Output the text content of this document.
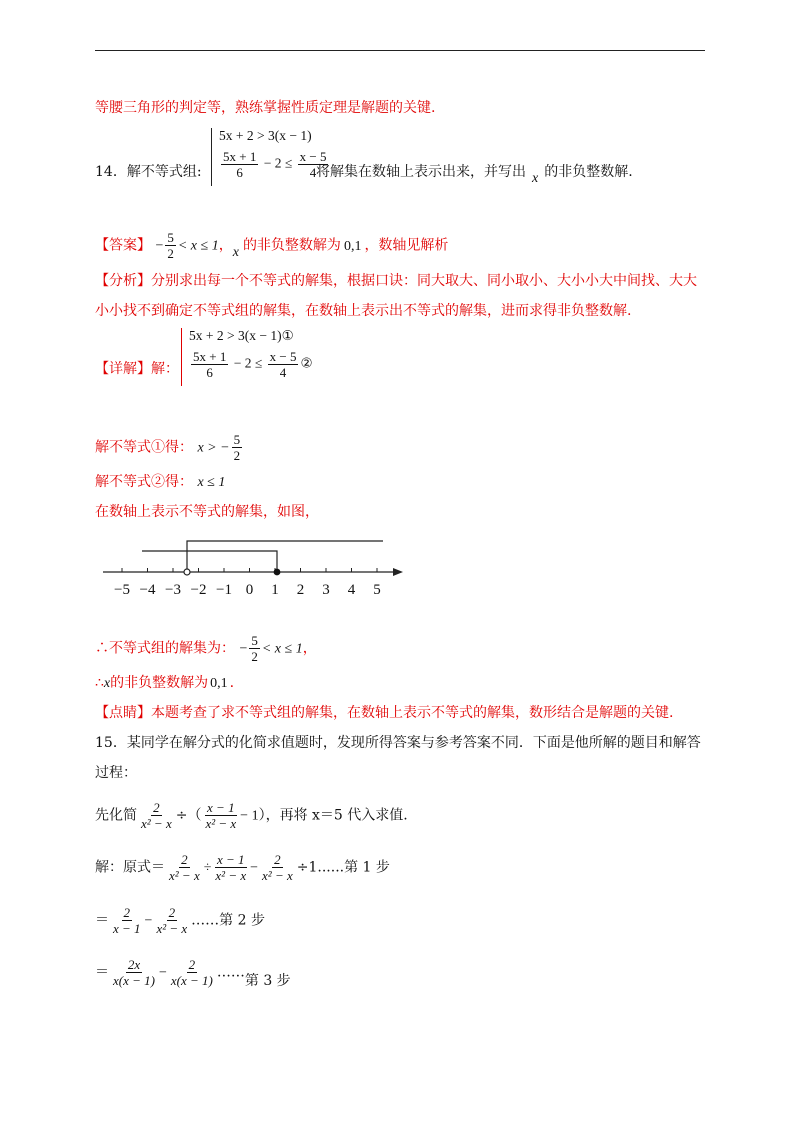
等腰三角形的判定等，熟练掌握性质定理是解题的关键.
14．解不等式组:
5x + 2 > 3(x − 1)
$\frac{5x + 1}{6} - 2 \le \frac{x - 5}{4}$
将解集在数轴上表示出来，并写出 x 的非负整数解.
【答案】 − $\frac{5}{2} < x \le 1$，x 的非负整数解为 0,1 ，数轴见解析
【分析】分别求出每一个不等式的解集，根据口诀：同大取大、同小取小、大小小大中间找、大大
小小找不到确定不等式组的解集，在数轴上表示出不等式的解集，进而求得非负整数解.
【详解】解：
5x + 2 > 3(x − 1)①
$\frac{5x + 1}{6} - 2 \le \frac{x - 5}{4}$ ②
解不等式①得： x > − $\frac{5}{2}$
解不等式②得： x ≤ 1
在数轴上表示不等式的解集，如图，
−5 −4 −3 −2 −1 0 1 2 3 4 5
∴不等式组的解集为： − $\frac{5}{2} < x \le 1$，
∴x的非负整数解为 0,1 .
【点睛】本题考查了求不等式组的解集，在数轴上表示不等式的解集，数形结合是解题的关键.
15．某同学在解分式的化简求值题时，发现所得答案与参考答案不同．下面是他所解的题目和解答
过程：
先化简 $\frac{2}{\text{x² − x}}$ ÷（ $\frac{x - 1}{\text{x² − x}} - 1$），再将 x＝5 代入求值.
解：原式＝ $\frac{2}{\text{x² − x}} \div \frac{x - 1}{\text{x² − x}} - \frac{2}{\text{x² − x}} \div 1$......第 1 步
＝ $\frac{2}{x - 1} - \frac{2}{\text{x² − x}}$ ……第 2 步
＝ $\frac{2x}{x(x - 1)} - \frac{2}{x(x - 1)}$ ……第 3 步
